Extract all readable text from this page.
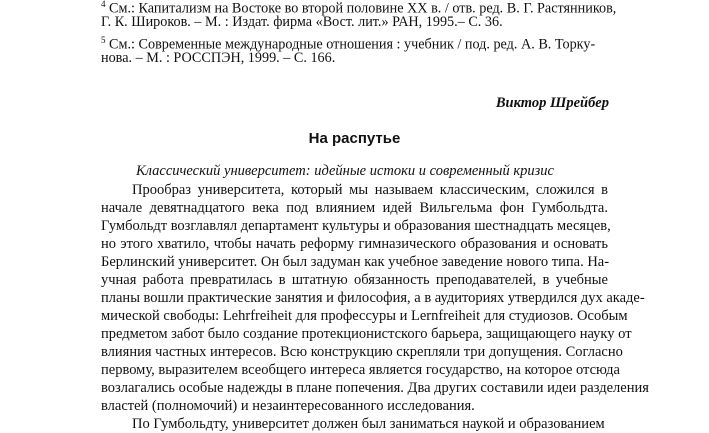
$^4$ См.: Капитализм на Востоке во второй половине ХХ в. / отв. ред. В. Г. Растянников,
Г. К. Широков. – М. : Издат. фирма «Вост. лит.» РАН, 1995.– С. 36.
$^5$ См.: Современные международные отношения : учебник / под. ред. А. В. Торку-
нова. – М. : РОССПЭН, 1999. – С. 166.
Виктор Шрейбер
На распутье
Классический университет: идейные истоки и современный кризис
Прообраз университета, который мы называем классическим, сложился в
начале девятнадцатого века под влиянием идей Вильгельма фон Гумбольдта.
Гумбольдт возглавлял департамент культуры и образования шестнадцать месяцев,
но этого хватило, чтобы начать реформу гимназического образования и основать
Берлинский университет. Он был задуман как учебное заведение нового типа. На-
учная работа превратилась в штатную обязанность преподавателей, в учебные
планы вошли практические занятия и философия, а в аудиториях утвердился дух акаде-
мической свободы: Lehrfreiheit для профессуры и Lernfreiheit для студиозов. Особым
предметом забот было создание протекционистского барьера, защищающего науку от
влияния частных интересов. Всю конструкцию скрепляли три допущения. Согласно
первому, выразителем всеобщего интереса является государство, на которое отсюда
возлагались особые надежды в плане попечения. Два других составили идеи разделения
властей (полномочий) и незаинтересованного исследования.
По Гумбольдту, университет должен был заниматься наукой и образованием
